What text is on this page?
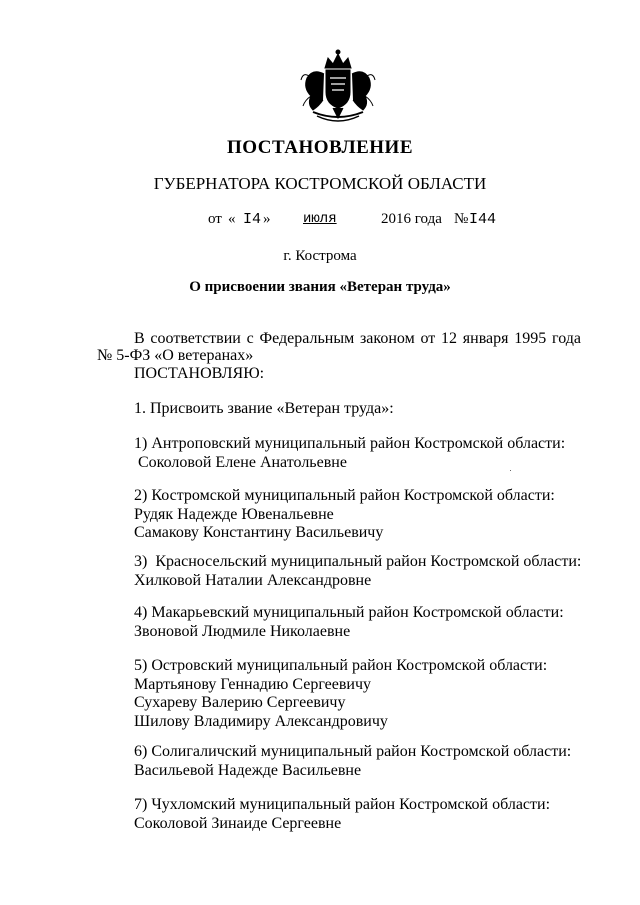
ПОСТАНОВЛЕНИЕ
ГУБЕРНАТОРА КОСТРОМСКОЙ ОБЛАСТИ
от « I4 » июля	2016 года № I44
г. Кострома
О присвоении звания «Ветеран труда»
В соответствии с Федеральным законом от 12 января 1995 года
№ 5-ФЗ «О ветеранах»
ПОСТАНОВЛЯЮ:
1. Присвоить звание «Ветеран труда»:
1) Антроповский муниципальный район Костромской области:
Соколовой Елене Анатольевне
2) Костромской муниципальный район Костромской области:
Рудяк Надежде Ювенальевне
Самакову Константину Васильевичу
3)  Красносельский муниципальный район Костромской области:
Хилковой Наталии Александровне
4) Макарьевский муниципальный район Костромской области:
Звоновой Людмиле Николаевне
5) Островский муниципальный район Костромской области:
Мартьянову Геннадию Сергеевичу
Сухареву Валерию Сергеевичу
Шилову Владимиру Александровичу
6) Солигаличский муниципальный район Костромской области:
Васильевой Надежде Васильевне
7) Чухломский муниципальный район Костромской области:
Соколовой Зинаиде Сергеевне
